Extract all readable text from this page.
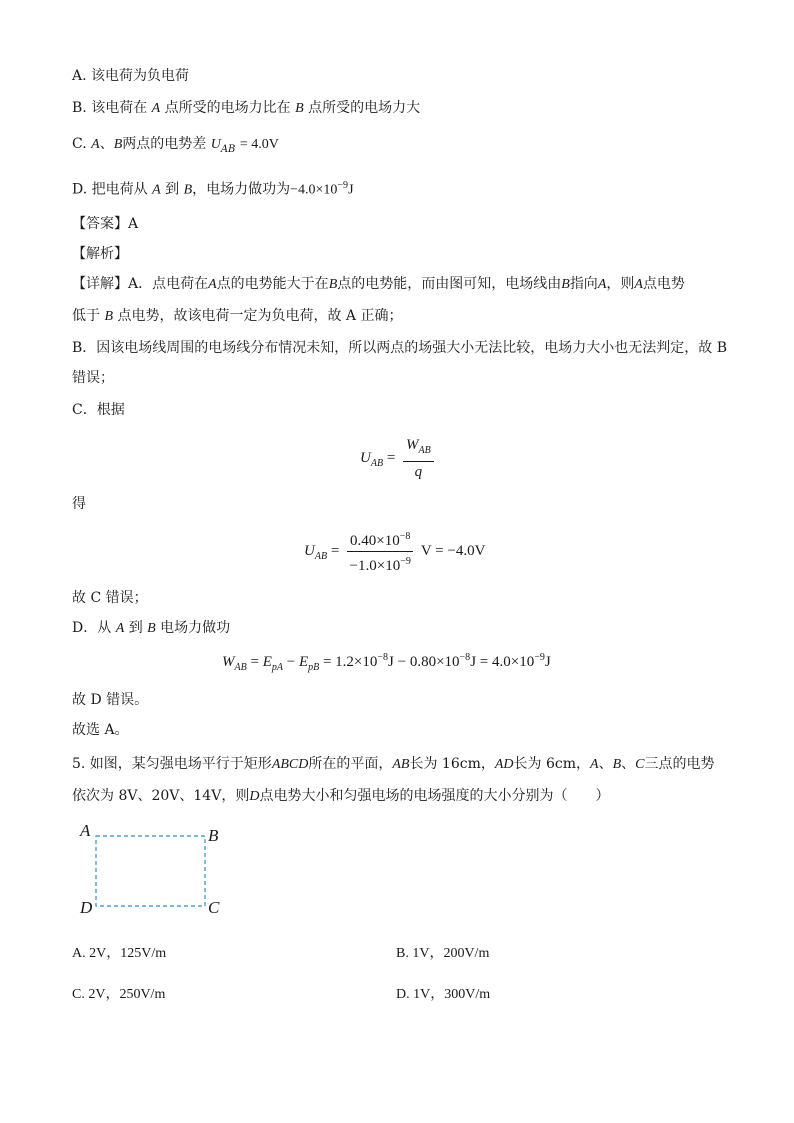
A. 该电荷为负电荷
B. 该电荷在 A 点所受的电场力比在 B 点所受的电场力大
C. A、B两点的电势差 $U_{AB} = 4.0V$
D. 把电荷从 A 到 B，电场力做功为$-4.0\times 10^{-9}J$
【答案】A
【解析】
【详解】A．点电荷在A点的电势能大于在B点的电势能，而由图可知，电场线由B指向A，则A点电势
低于 B 点电势，故该电荷一定为负电荷，故 A 正确；
B．因该电场线周围的电场线分布情况未知，所以两点的场强大小无法比较，电场力大小也无法判定，故 B
错误；
C．根据
$U_{AB} = \frac{W_{AB}}{q}$
得
$U_{AB} = \frac{0.40\times 10^{-8}}{-1.0\times 10^{-9}}$ V = −4.0V
故 C 错误；
D．从 A 到 B 电场力做功
$W_{AB} = E_{pA} - E_{pB} = 1.2\times 10^{-8}J - 0.80\times 10^{-8}J = 4.0\times 10^{-9}J$
故 D 错误。
故选 A。
5. 如图，某匀强电场平行于矩形ABCD所在的平面，AB长为 16cm，AD长为 6cm，A、B、C三点的电势
依次为 8V、20V、14V，则D点电势大小和匀强电场的电场强度的大小分别为（　　）
A	B
C
D
A. 2V，125V/m	B. 1V，200V/m
C. 2V，250V/m	D. 1V，300V/m
